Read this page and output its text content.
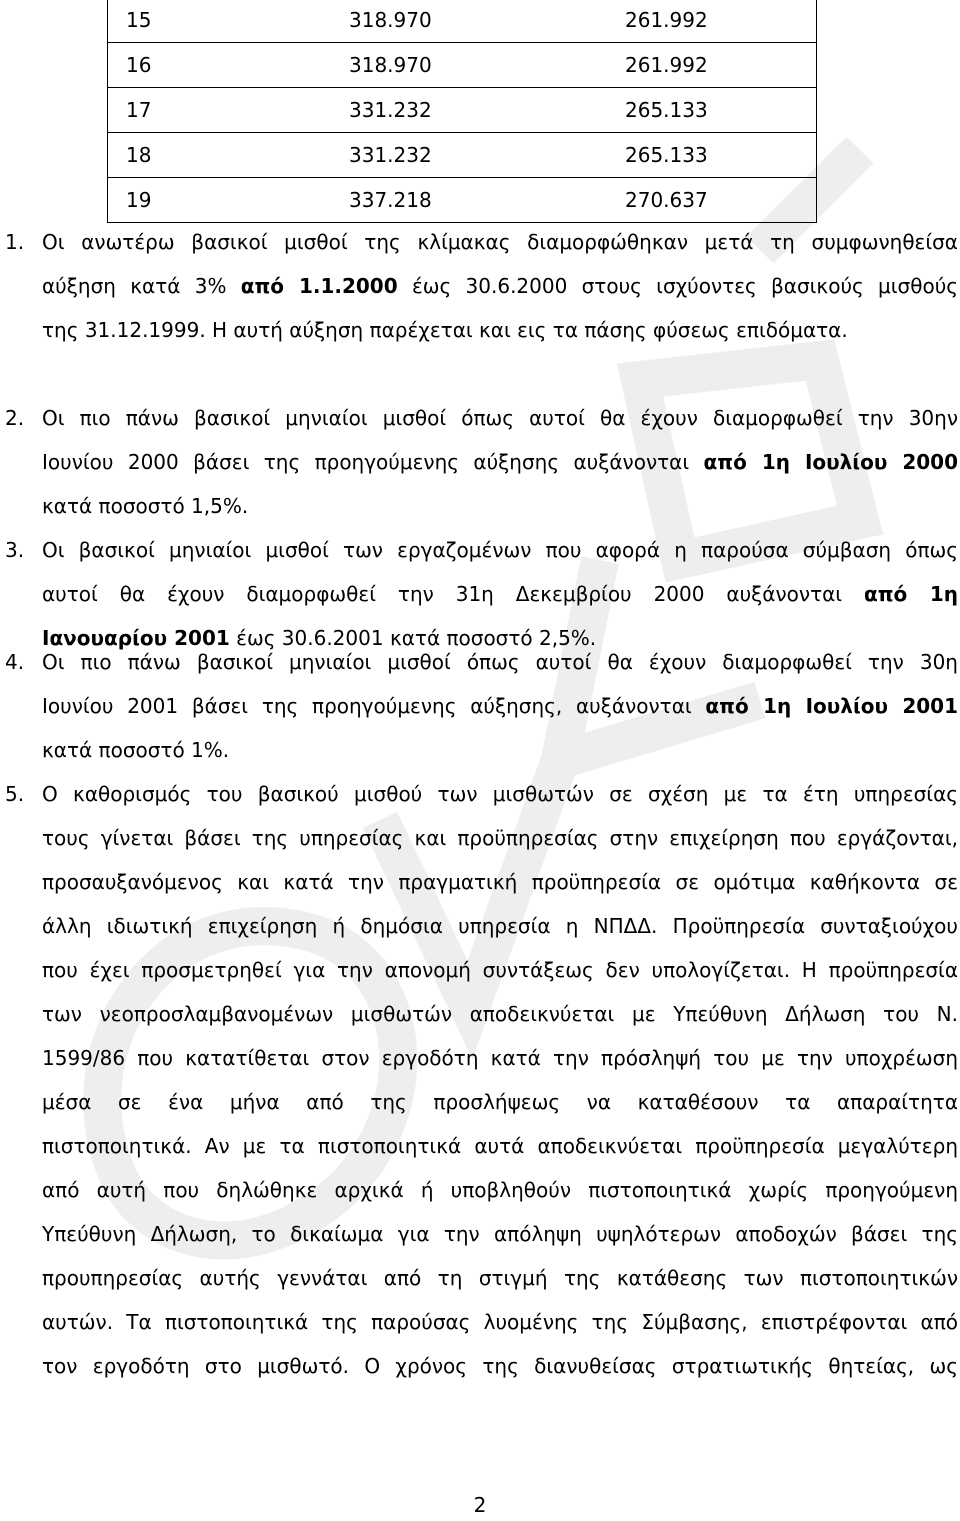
15	318.970	261.992

16	318.970	261.992

17	331.232	265.133

18	331.232	265.133

19	337.218	270.637
1. Οι ανωτέρω βασικοί μισθοί της κλίμακας διαμορφώθηκαν μετά τη συμφωνηθείσα
αύξηση κατά 3% από 1.1.2000 έως 30.6.2000 στους ισχύοντες βασικούς μισθούς
της 31.12.1999. Η αυτή αύξηση παρέχεται και εις τα πάσης φύσεως επιδόματα.
2. Οι πιο πάνω βασικοί μηνιαίοι μισθοί όπως αυτοί θα έχουν διαμορφωθεί την 30ην
Ιουνίου 2000 βάσει της προηγούμενης αύξησης αυξάνονται από 1η Ιουλίου 2000
κατά ποσοστό 1,5%.
3. Οι βασικοί μηνιαίοι μισθοί των εργαζομένων που αφορά η παρούσα σύμβαση όπως
αυτοί θα έχουν διαμορφωθεί την 31η Δεκεμβρίου 2000 αυξάνονται από 1η
Ιανουαρίου 2001 έως 30.6.2001 κατά ποσοστό 2,5%.
4. Οι πιο πάνω βασικοί μηνιαίοι μισθοί όπως αυτοί θα έχουν διαμορφωθεί την 30η
Ιουνίου 2001 βάσει της προηγούμενης αύξησης, αυξάνονται από 1η Ιουλίου 2001
κατά ποσοστό 1%.
5. Ο καθορισμός του βασικού μισθού των μισθωτών σε σχέση με τα έτη υπηρεσίας
τους γίνεται βάσει της υπηρεσίας και προϋπηρεσίας στην επιχείρηση που εργάζονται,
προσαυξανόμενος και κατά την πραγματική προϋπηρεσία σε ομότιμα καθήκοντα σε
άλλη ιδιωτική επιχείρηση ή δημόσια υπηρεσία η ΝΠΔΔ. Προϋπηρεσία συνταξιούχου
που έχει προσμετρηθεί για την απονομή συντάξεως δεν υπολογίζεται. Η προϋπηρεσία
των νεοπροσλαμβανομένων μισθωτών αποδεικνύεται με Υπεύθυνη Δήλωση του Ν.
1599/86 που κατατίθεται στον εργοδότη κατά την πρόσληψή του με την υποχρέωση
μέσα σε ένα μήνα από της προσλήψεως να καταθέσουν τα απαραίτητα
πιστοποιητικά. Αν με τα πιστοποιητικά αυτά αποδεικνύεται προϋπηρεσία μεγαλύτερη
από αυτή που δηλώθηκε αρχικά ή υποβληθούν πιστοποιητικά χωρίς προηγούμενη
Υπεύθυνη Δήλωση, το δικαίωμα για την απόληψη υψηλότερων αποδοχών βάσει της
προυπηρεσίας αυτής γεννάται από τη στιγμή της κατάθεσης των πιστοποιητικών
αυτών. Τα πιστοποιητικά της παρούσας λυομένης της Σύμβασης, επιστρέφονται από
τον εργοδότη στο μισθωτό. Ο χρόνος της διανυθείσας στρατιωτικής θητείας, ως
2
